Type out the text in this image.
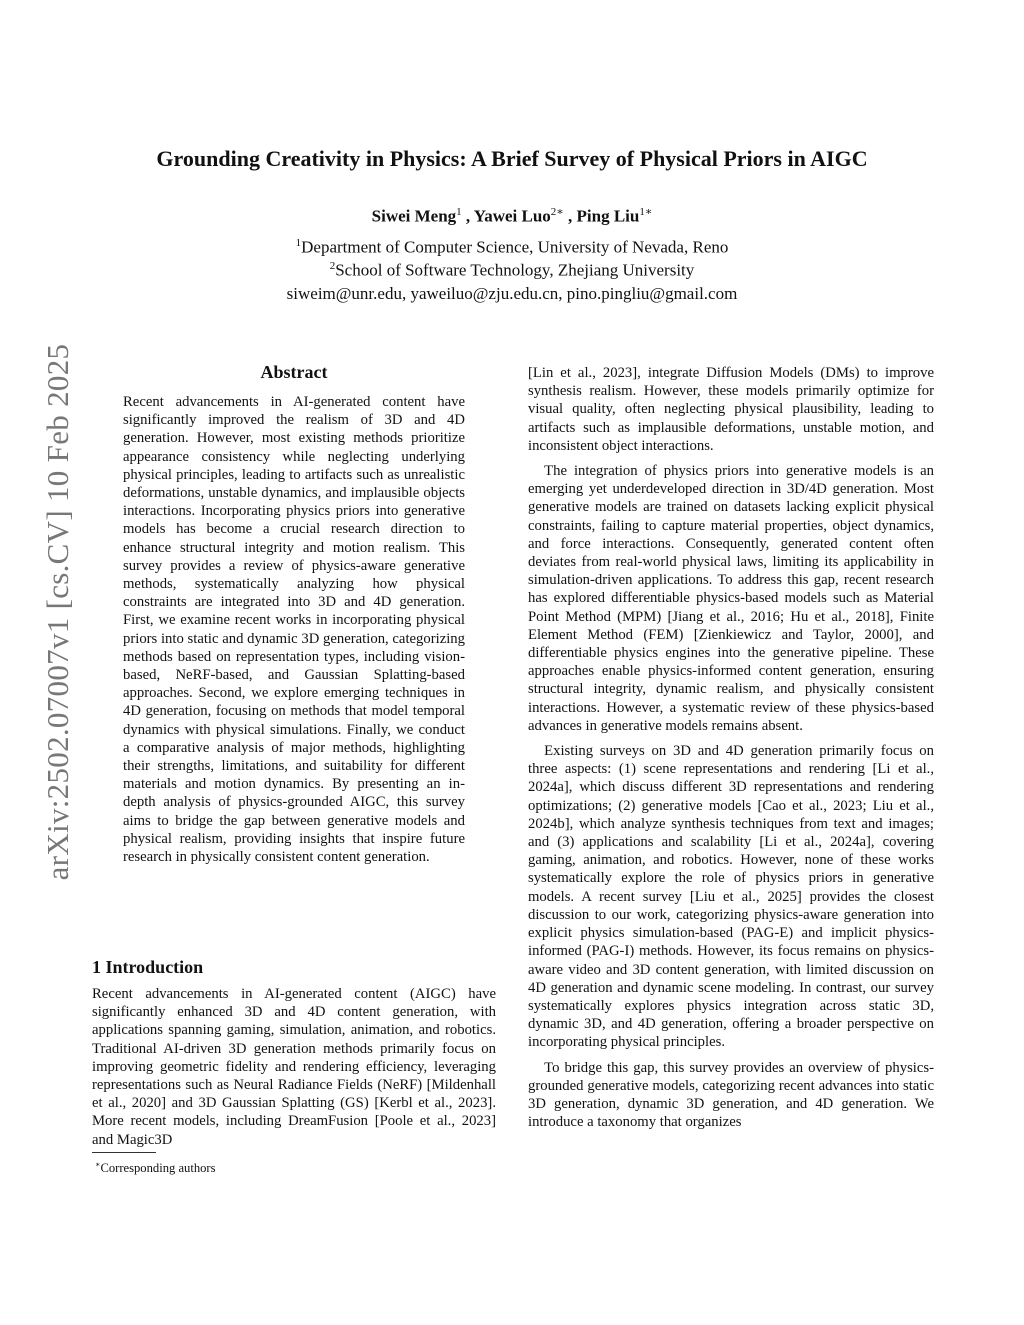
Grounding Creativity in Physics: A Brief Survey of Physical Priors in AIGC
Siwei Meng$^1$ , Yawei Luo$^{2∗}$ , Ping Liu$^{1∗}$
$^1$Department of Computer Science, University of Nevada, Reno
$^2$School of Software Technology, Zhejiang University
siweim@unr.edu, yaweiluo@zju.edu.cn, pino.pingliu@gmail.com
arXiv:2502.07007v1 [cs.CV] 10 Feb 2025	Abstract

Recent advancements in AI-generated content have significantly improved the realism of 3D and 4D generation. However, most existing methods prioritize appearance consistency while neglecting underlying physical principles, leading to artifacts such as unrealistic deformations, unstable dynamics, and implausible objects interactions. Incorporating physics priors into generative models has become a crucial research direction to enhance structural integrity and motion realism. This survey provides a review of physics-aware generative methods, systematically analyzing how physical constraints are integrated into 3D and 4D generation. First, we examine recent works in incorporating physical priors into static and dynamic 3D generation, categorizing methods based on representation types, including vision-based, NeRF-based, and Gaussian Splatting-based approaches. Second, we explore emerging techniques in 4D generation, focusing on methods that model temporal dynamics with physical simulations. Finally, we conduct a comparative analysis of major methods, highlighting their strengths, limitations, and suitability for different materials and motion dynamics. By presenting an in-depth analysis of physics-grounded AIGC, this survey aims to bridge the gap between generative models and physical realism, providing insights that inspire future research in physically consistent content generation.

1 Introduction

Recent advancements in AI-generated content (AIGC) have significantly enhanced 3D and 4D content generation, with applications spanning gaming, simulation, animation, and robotics. Traditional AI-driven 3D generation methods primarily focus on improving geometric fidelity and rendering efficiency, leveraging representations such as Neural Radiance Fields (NeRF) [Mildenhall et al., 2020] and 3D Gaussian Splatting (GS) [Kerbl et al., 2023]. More recent models, including DreamFusion [Poole et al., 2023] and Magic3D

∗Corresponding authors

[Lin et al., 2023], integrate Diffusion Models (DMs) to improve synthesis realism. However, these models primarily optimize for visual quality, often neglecting physical plausibility, leading to artifacts such as implausible deformations, unstable motion, and inconsistent object interactions.

The integration of physics priors into generative models is an emerging yet underdeveloped direction in 3D/4D generation. Most generative models are trained on datasets lacking explicit physical constraints, failing to capture material properties, object dynamics, and force interactions. Consequently, generated content often deviates from real-world physical laws, limiting its applicability in simulation-driven applications. To address this gap, recent research has explored differentiable physics-based models such as Material Point Method (MPM) [Jiang et al., 2016; Hu et al., 2018], Finite Element Method (FEM) [Zienkiewicz and Taylor, 2000], and differentiable physics engines into the generative pipeline. These approaches enable physics-informed content generation, ensuring structural integrity, dynamic realism, and physically consistent interactions. However, a systematic review of these physics-based advances in generative models remains absent.

Existing surveys on 3D and 4D generation primarily focus on three aspects: (1) scene representations and rendering [Li et al., 2024a], which discuss different 3D representations and rendering optimizations; (2) generative models [Cao et al., 2023; Liu et al., 2024b], which analyze synthesis techniques from text and images; and (3) applications and scalability [Li et al., 2024a], covering gaming, animation, and robotics. However, none of these works systematically explore the role of physics priors in generative models. A recent survey [Liu et al., 2025] provides the closest discussion to our work, categorizing physics-aware generation into explicit physics simulation-based (PAG-E) and implicit physics-informed (PAG-I) methods. However, its focus remains on physics-aware video and 3D content generation, with limited discussion on 4D generation and dynamic scene modeling. In contrast, our survey systematically explores physics integration across static 3D, dynamic 3D, and 4D generation, offering a broader perspective on incorporating physical principles.

To bridge this gap, this survey provides an overview of physics-grounded generative models, categorizing recent advances into static 3D generation, dynamic 3D generation, and 4D generation. We introduce a taxonomy that organizes
